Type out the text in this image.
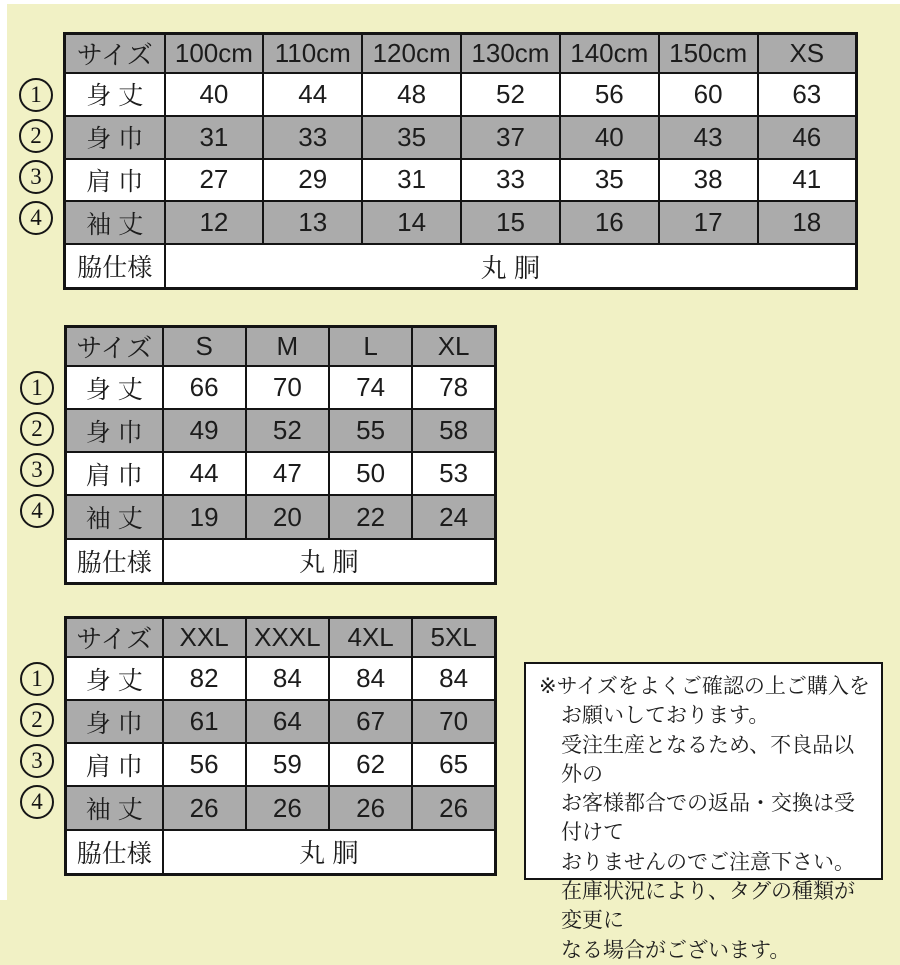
1
2
3
4
サイズ	100cm	110cm	120cm	130cm	140cm	150cm	XS
身 丈	40	44	48	52	56	60	63
身 巾	31	33	35	37	40	43	46
肩 巾	27	29	31	33	35	38	41
袖 丈	12	13	14	15	16	17	18
脇仕様	丸 胴						
1
2
3
4
サイズ	S	M	L	XL
身 丈	66	70	74	78
身 巾	49	52	55	58
肩 巾	44	47	50	53
袖 丈	19	20	22	24
脇仕様	丸 胴			
1
2
3
4
サイズ	XXL	XXXL	4XL	5XL
身 丈	82	84	84	84
身 巾	61	64	67	70
肩 巾	56	59	62	65
袖 丈	26	26	26	26
脇仕様	丸 胴			
※サイズをよくご確認の上ご購入を
お願いしております。
受注生産となるため、不良品以外の
お客様都合での返品・交換は受付けて
おりませんのでご注意下さい。
在庫状況により、タグの種類が変更に
なる場合がございます。
